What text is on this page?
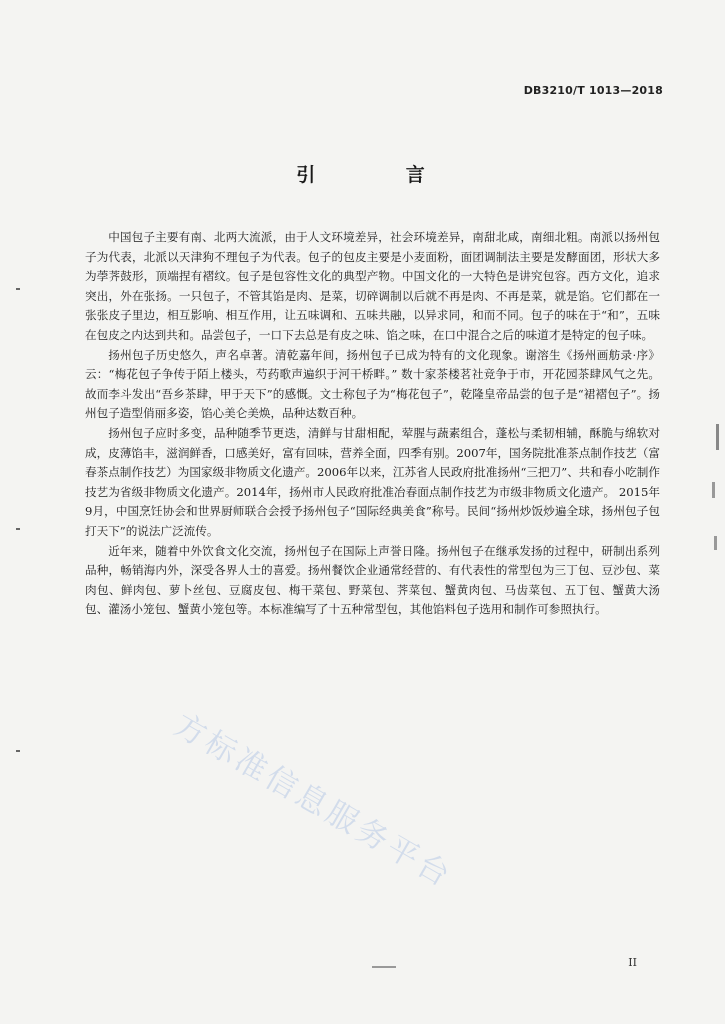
DB3210/T 1013—2018
引 言

中国包子主要有南、北两大流派，由于人文环境差异，社会环境差异，南甜北咸，南细北粗。南派以扬州包子为代表，北派以天津狗不理包子为代表。包子的包皮主要是小麦面粉，面团调制法主要是发酵面团，形状大多为荸荠鼓形，顶端捏有褶纹。包子是包容性文化的典型产物。中国文化的一大特色是讲究包容。西方文化，追求突出，外在张扬。一只包子，不管其馅是肉、是菜，切碎调制以后就不再是肉、不再是菜，就是馅。它们都在一张张皮子里边，相互影响、相互作用，让五味调和、五味共融，以异求同，和而不同。包子的味在于“和”，五味在包皮之内达到共和。品尝包子，一口下去总是有皮之味、馅之味，在口中混合之后的味道才是特定的包子味。

扬州包子历史悠久，声名卓著。清乾嘉年间，扬州包子已成为特有的文化现象。谢溶生《扬州画舫录·序》云：“梅花包子争传于陌上楼头，芍药歌声遍织于河干桥畔。” 数十家茶楼茗社竞争于市，开花园茶肆风气之先。故而李斗发出“吾乡茶肆，甲于天下”的感慨。文士称包子为“梅花包子”，乾隆皇帝品尝的包子是“裙褶包子”。扬州包子造型俏丽多姿，馅心美仑美焕，品种达数百种。

扬州包子应时多变，品种随季节更迭，清鲜与甘甜相配，荤腥与蔬素组合，蓬松与柔韧相辅，酥脆与绵软对成，皮薄馅丰，滋润鲜香，口感美好，富有回味，营养全面，四季有别。2007年，国务院批准茶点制作技艺（富春茶点制作技艺）为国家级非物质文化遗产。2006年以来，江苏省人民政府批准扬州“三把刀”、共和春小吃制作技艺为省级非物质文化遗产。2014年，扬州市人民政府批准冶春面点制作技艺为市级非物质文化遗产。 2015年9月，中国烹饪协会和世界厨师联合会授予扬州包子“国际经典美食”称号。民间“扬州炒饭炒遍全球，扬州包子包打天下”的说法广泛流传。

近年来，随着中外饮食文化交流，扬州包子在国际上声誉日隆。扬州包子在继承发扬的过程中，研制出系列品种，畅销海内外，深受各界人士的喜爱。扬州餐饮企业通常经营的、有代表性的常型包为三丁包、豆沙包、菜肉包、鲜肉包、萝卜丝包、豆腐皮包、梅干菜包、野菜包、荠菜包、蟹黄肉包、马齿菜包、五丁包、蟹黄大汤包、灌汤小笼包、蟹黄小笼包等。本标准编写了十五种常型包，其他馅料包子选用和制作可参照执行。

方标准信息服务平台
II
